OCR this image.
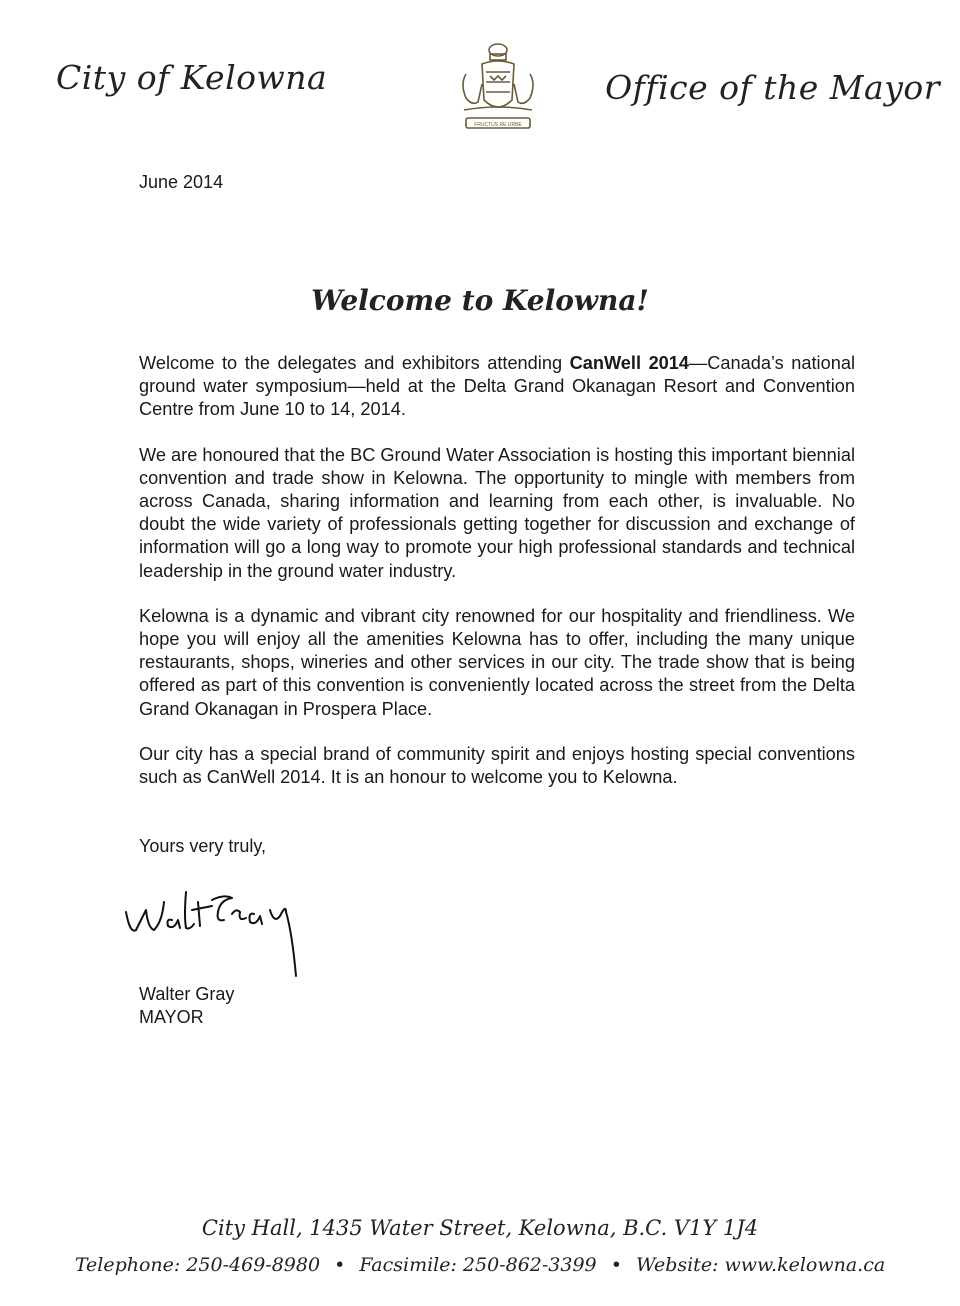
City of Kelowna
FRUCTUS RE URBE
Office of the Mayor
June 2014
Welcome to Kelowna!

Welcome to the delegates and exhibitors attending CanWell 2014—Canada’s national ground water symposium—held at the Delta Grand Okanagan Resort and Convention Centre from June 10 to 14, 2014.

We are honoured that the BC Ground Water Association is hosting this important biennial convention and trade show in Kelowna. The opportunity to mingle with members from across Canada, sharing information and learning from each other, is invaluable. No doubt the wide variety of professionals getting together for discussion and exchange of information will go a long way to promote your high professional standards and technical leadership in the ground water industry.

Kelowna is a dynamic and vibrant city renowned for our hospitality and friendliness. We hope you will enjoy all the amenities Kelowna has to offer, including the many unique restaurants, shops, wineries and other services in our city. The trade show that is being offered as part of this convention is conveniently located across the street from the Delta Grand Okanagan in Prospera Place.

Our city has a special brand of community spirit and enjoys hosting special conventions such as CanWell 2014. It is an honour to welcome you to Kelowna.

Yours very truly,
Walter Gray
MAYOR
City Hall, 1435 Water Street, Kelowna, B.C. V1Y 1J4
Telephone: 250-469-8980 • Facsimile: 250-862-3399 • Website: www.kelowna.ca
